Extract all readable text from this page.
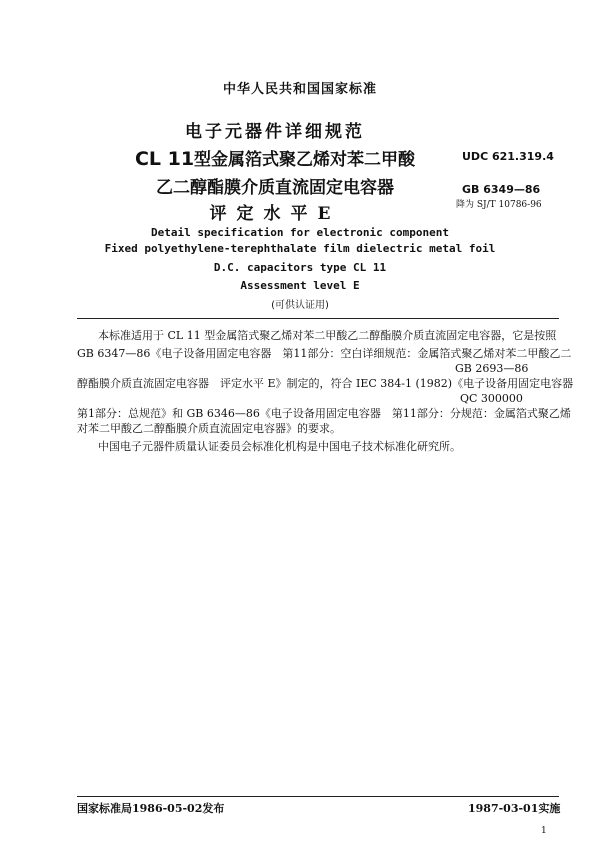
中华人民共和国国家标准

电子元器件详细规范

CL 11型金属箔式聚乙烯对苯二甲酸

乙二醇酯膜介质直流固定电容器

评定水平E

UDC 621.319.4

GB 6349—86

降为 SJ/T 10786-96

Detail specification for electronic component

Fixed polyethylene-terephthalate film dielectric metal foil

D.C. capacitors type CL 11

Assessment level E

(可供认证用)

本标准适用于 CL 11 型金属箔式聚乙烯对苯二甲酸乙二醇酯膜介质直流固定电容器，它是按照

GB 6347—86《电子设备用固定电容器　第11部分：空白详细规范：金属箔式聚乙烯对苯二甲酸乙二

GB 2693—86

醇酯膜介质直流固定电容器　评定水平 E》制定的，符合 IEC 384-1 (1982)《电子设备用固定电容器

QC 300000

第1部分：总规范》和 GB 6346—86《电子设备用固定电容器　第11部分：分规范：金属箔式聚乙烯

对苯二甲酸乙二醇酯膜介质直流固定电容器》的要求。

中国电子元器件质量认证委员会标准化机构是中国电子技术标准化研究所。

国家标准局1986-05-02发布	1987-03-01实施

1
